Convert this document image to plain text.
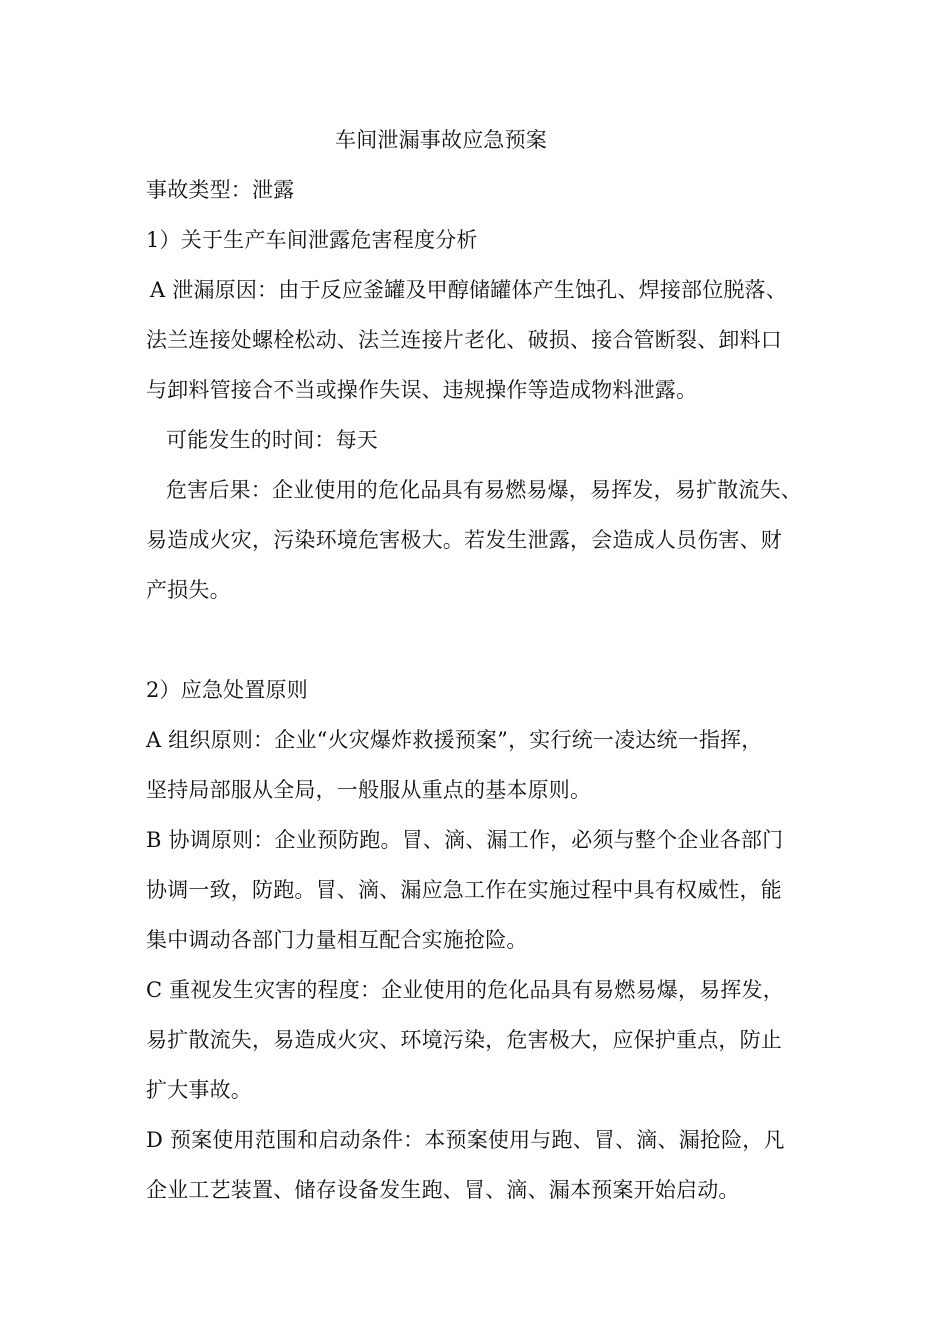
车间泄漏事故应急预案
事故类型：泄露
1）关于生产车间泄露危害程度分析
A 泄漏原因：由于反应釜罐及甲醇储罐体产生蚀孔、焊接部位脱落、
法兰连接处螺栓松动、法兰连接片老化、破损、接合管断裂、卸料口
与卸料管接合不当或操作失误、违规操作等造成物料泄露。
可能发生的时间：每天
危害后果：企业使用的危化品具有易燃易爆，易挥发，易扩散流失、
易造成火灾，污染环境危害极大。若发生泄露，会造成人员伤害、财
产损失。
2）应急处置原则
A 组织原则：企业“火灾爆炸救援预案”，实行统一凌达统一指挥，
坚持局部服从全局，一般服从重点的基本原则。
B 协调原则：企业预防跑。冒、滴、漏工作，必须与整个企业各部门
协调一致，防跑。冒、滴、漏应急工作在实施过程中具有权威性，能
集中调动各部门力量相互配合实施抢险。
C 重视发生灾害的程度：企业使用的危化品具有易燃易爆，易挥发，
易扩散流失，易造成火灾、环境污染，危害极大，应保护重点，防止
扩大事故。
D 预案使用范围和启动条件：本预案使用与跑、冒、滴、漏抢险，凡
企业工艺装置、储存设备发生跑、冒、滴、漏本预案开始启动。
